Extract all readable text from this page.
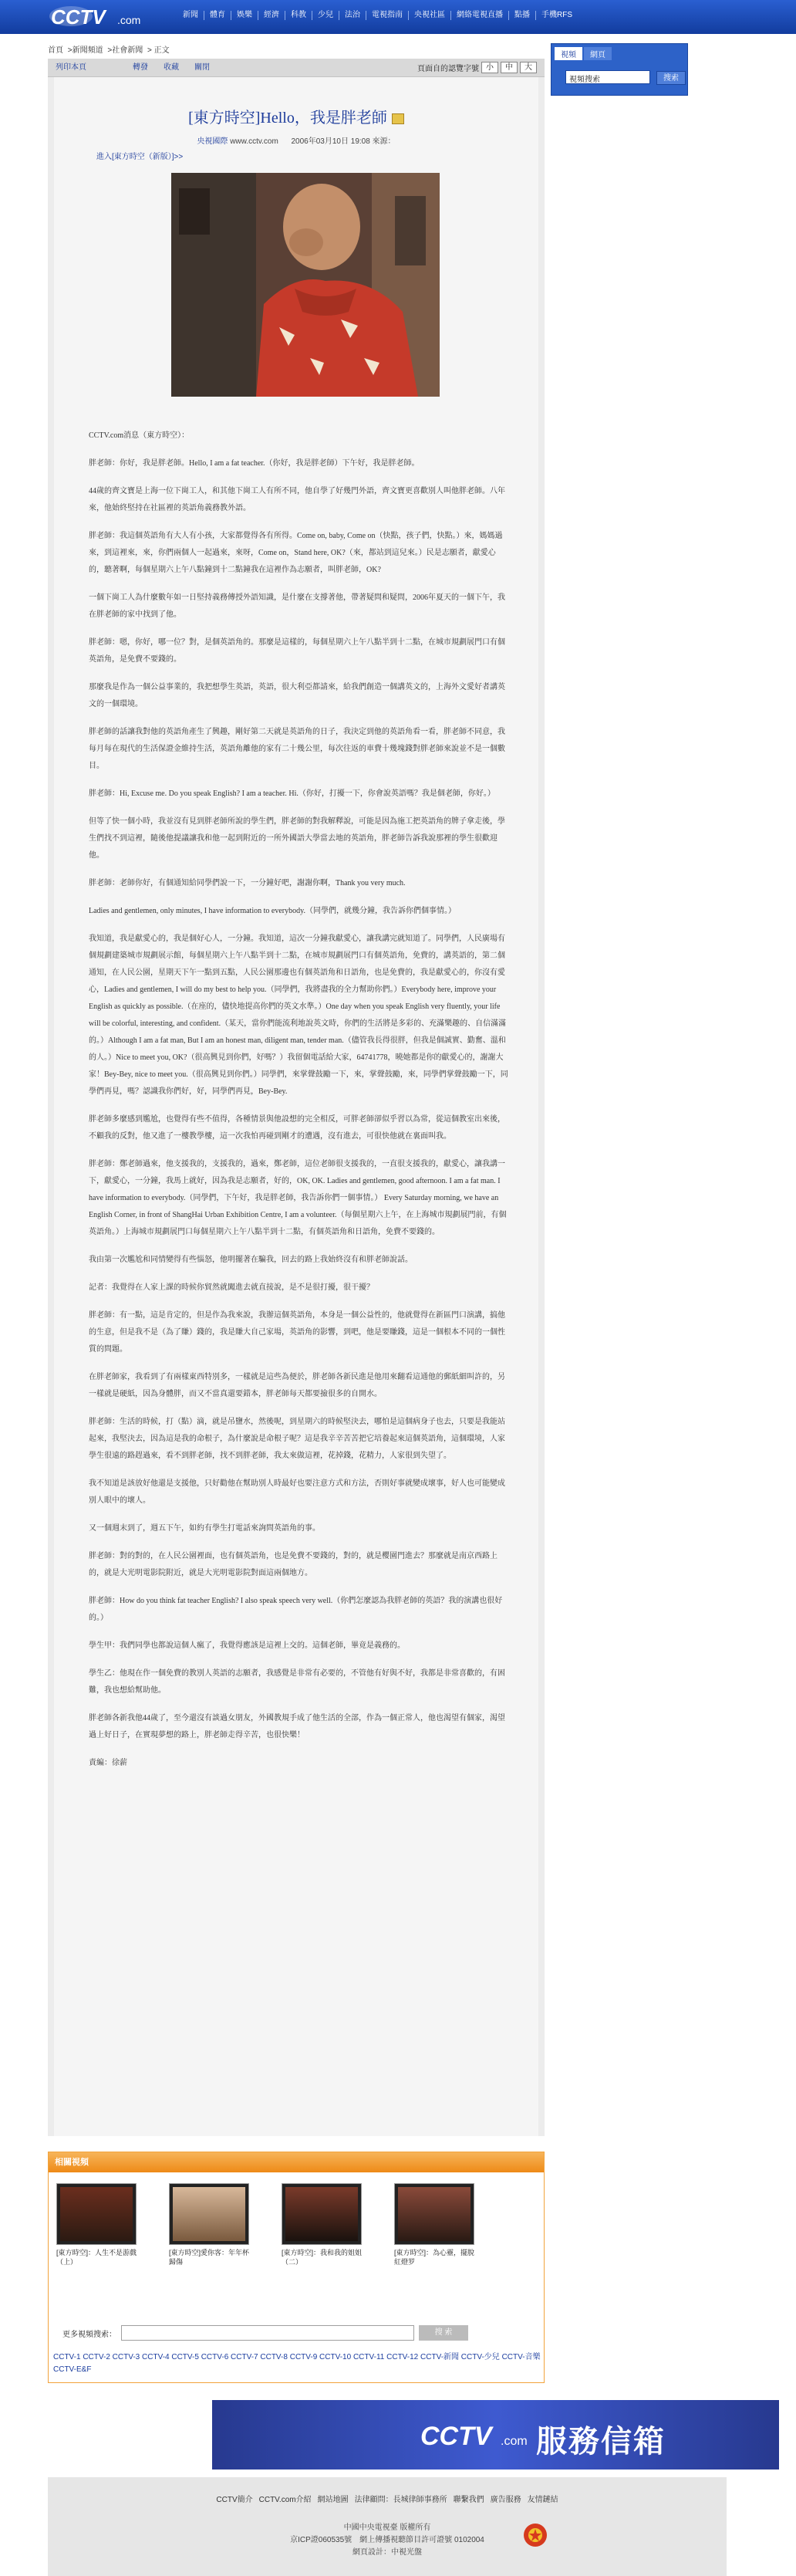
CCTV .com	新聞	體育	娛樂	經濟	科教	少兒	法治	電視指南	央視社區	網絡電視直播	點播	手機RFS
首頁 >新聞頻道 >社會新聞 > 正文
列印本頁	轉發 收藏 關閉	頁面自的認覽字號 小	中	大
[東方時空]Hello，我是胖老師
央視國際 www.cctv.com 2006年03月10日 19:08 來源：
進入[東方時空（新版）]>>

CCTV.com消息（東方時空）：

胖老師：你好，我是胖老師。Hello, I am a fat teacher.（你好，我是胖老師）下午好，我是胖老師。

44歲的齊文寶是上海一位下崗工人，和其他下崗工人有所不同，他自學了好幾門外語，齊文寶更喜歡別人叫他胖老師。八年來，他始終堅持在社區裡的英語角義務教外語。

胖老師：我這個英語角有大人有小孩，大家都覺得各有所得。Come on, baby, Come on（快點，孩子們，快點。）來，媽媽過來，到這裡來，來，你們兩個人一起過來，來呀，Come on，Stand here, OK?（來，都站到這兒來。）民是志願者，獻愛心的，聽著啊，每個星期六上午八點鐘到十二點鐘我在這裡作為志願者，叫胖老師，OK?

一個下崗工人為什麼數年如一日堅持義務傳授外語知識，是什麼在支撐著他，帶著疑問和疑問，2006年夏天的一個下午，我在胖老師的家中找到了他。

胖老師：嗯，你好，哪一位？對，是個英語角的。那麼是這樣的，每個星期六上午八點半到十二點，在城市規劃展門口有個英語角，是免費不要錢的。

那麼我是作為一個公益事業的，我把想學生英語，英語，很大利亞都請來，給我們創造一個講英文的，上海外文愛好者講英文的一個環境。

胖老師的話讓我對他的英語角產生了興趣，剛好第二天就是英語角的日子，我決定到他的英語角看一看，胖老師不同意，我每月每在現代的生活保證金維持生活，英語角離他的家有二十幾公里，每次往返的車費十幾塊錢對胖老師來說並不是一個數目。

胖老師：Hi, Excuse me. Do you speak English? I am a teacher. Hi.（你好，打擾一下，你會說英語嗎？我是個老師，你好。）

但等了快一個小時，我並沒有見到胖老師所說的學生們，胖老師的對我解釋說，可能是因為施工把英語角的牌子拿走後，學生們找不到這裡，隨後他提議讓我和他一起到附近的一所外國語大學當去地的英語角，胖老師告訴我說那裡的學生很歡迎他。

胖老師：老師你好，有個通知給同學們說一下，一分鐘好吧，謝謝你啊，Thank you very much.

Ladies and gentlemen, only minutes, I have information to everybody.（同學們，就幾分鐘，我告訴你們個事情。）

我知道，我是獻愛心的，我是個好心人，一分鐘。我知道，這次一分鐘我獻愛心，讓我講完就知道了。同學們，人民廣場有個規劃建築城市規劃展示館，每個星期六上午八點半到十二點，在城市規劃展門口有個英語角，免費的，講英語的，第二個通知，在人民公園，星期天下午一點到五點，人民公園那邊也有個英語角和日語角，也是免費的，我是獻愛心的，你沒有愛心，Ladies and gentlemen, I will do my best to help you.（同學們，我將盡我的全力幫助你們。）Everybody here, improve your English as quickly as possible.（在座的，儘快地提高你們的英文水準。）One day when you speak English very fluently, your life will be colorful, interesting, and confident.（某天，當你們能流利地說英文時，你們的生活將是多彩的、充滿樂趣的、自信滿滿的。）Although I am a fat man, But I am an honest man, diligent man, tender man.（儘管我長得很胖，但我是個誠實、勤奮、溫和的人。）Nice to meet you, OK?（很高興見到你們，好嗎？）我留個電話給大家，64741778，曉她都是你的獻愛心的，謝謝大家！Bey-Bey, nice to meet you.（很高興見到你們。）同學們，來掌聲鼓勵一下，來，掌聲鼓勵，來，同學們掌聲鼓勵一下，同學們再見，嗎？認識我你們好，好，同學們再見，Bey-Bey.

胖老師多麼感到尷尬，也覺得有些不值得，各種情景與他設想的完全相反，可胖老師卻似乎習以為常，從這個教室出來後，不顧我的反對，他又進了一樓教學樓，這一次我怕再碰到剛才的遭遇，沒有進去，可很快他就在裏面叫我。

胖老師：鄭老師過來，他支援我的，支援我的，過來，鄭老師，這位老師很支援我的，一直很支援我的，獻愛心，讓我講一下，獻愛心，一分鐘，我馬上就好，因為我是志願者，好的，OK, OK. Ladies and gentlemen, good afternoon. I am a fat man. I have information to everybody.（同學們，下午好，我是胖老師，我告訴你們一個事情。） Every Saturday morning, we have an English Corner, in front of ShangHai Urban Exhibition Centre, I am a volunteer.（每個星期六上午，在上海城市規劃展門前，有個英語角。）上海城市規劃展門口每個星期六上午八點半到十二點，有個英語角和日語角，免費不要錢的。

我由第一次尷尬和同情變得有些惱怒，他明擺著在騙我，回去的路上我始終沒有和胖老師說話。

記者：我覺得在人家上課的時候你貿然就闖進去就直接說，是不是很打擾，很干擾？

胖老師：有一點，這是肯定的，但是作為我來說，我辦這個英語角，本身是一個公益性的，他就覺得在新區門口演講，搞他的生意，但是我不是（為了賺）錢的，我是賺大自己家場，英語角的影響，到吧，他是要賺錢，這是一個根本不同的一個性質的問題。

在胖老師家，我看到了有兩樣東西特別多，一樣就是這些為便於，胖老師各新民進是他用來翻看這通他的郵紙細叫許的，另一樣就是硬紙，因為身體胖，而又不當真還要錯本，胖老師每天都要撿很多的自開水。

胖老師：生活的時候，打（點）滴，就是吊鹽水，然後呢，到星期六的時候堅決去，哪怕是這個病身子也去，只要是我能站起來，我堅決去，因為這是我的命根子，為什麼說是命根子呢？這是我辛辛苦苦把它培養起來這個英語角，這個環境，人家學生很遠的路趕過來，看不到胖老師，找不到胖老師，我太來做這裡，花掉錢，花精力，人家很到失望了。

我不知道是該放好他還是支援他，只好勸他在幫助別人時最好也要注意方式和方法，否則好事就變成壞事，好人也可能變成別人眼中的壞人。

又一個週末到了，週五下午，如約有學生打電話來詢問英語角的事。

胖老師：對的對的，在人民公園裡面，也有個英語角，也是免費不要錢的，對的，就是櫻園門進去？那麼就是南京西路上的，就是大光明電影院附近，就是大光明電影院對面這兩個地方。

胖老師：How do you think fat teacher English? I also speak speech very well.（你們怎麼認為我胖老師的英語？我的演講也很好的。）

學生甲：我們同學也都說這個人瘋了，我覺得應該是這裡上交的。這個老師，畢竟是義務的。

學生乙：他現在作一個免費的教別人英語的志願者，我感覺是非常有必要的，不管他有好與不好，我都是非常喜歡的，有困難，我也想給幫助他。

胖老師各新我他44歲了，至今還沒有談過女朋友，外國教規手成了他生活的全部，作為一個正常人，他也渴望有個家，渴望過上好日子，在實現夢想的路上，胖老師走得辛苦，也很快樂！

責編：徐薪

相關視頻
[東方時空]：人生不是游戲（上）
[東方時空]愛你客：年年杯歸傷
[東方時空]：我和我的姐姐（二）
[東方時空]：為心靈，擺脫紅燈罗
更多視頻搜索：	搜 索
CCTV-1 CCTV-2 CCTV-3 CCTV-4 CCTV-5 CCTV-6 CCTV-7 CCTV-8 CCTV-9 CCTV-10 CCTV-11 CCTV-12 CCTV-新聞 CCTV-少兒 CCTV-音樂 CCTV-E&F
視頻	網頁
視頻搜索	搜索
CCTV .com 服務信箱
CCTV簡介 CCTV.com介紹 網站地圖 法律顧問：長城律師事務所 聯繫我們 廣告服務 友情鏈結
中國中央電視臺 版權所有
京ICP證060535號　網上傳播視聽節目許可證號 0102004
網頁設計：中視光盤
